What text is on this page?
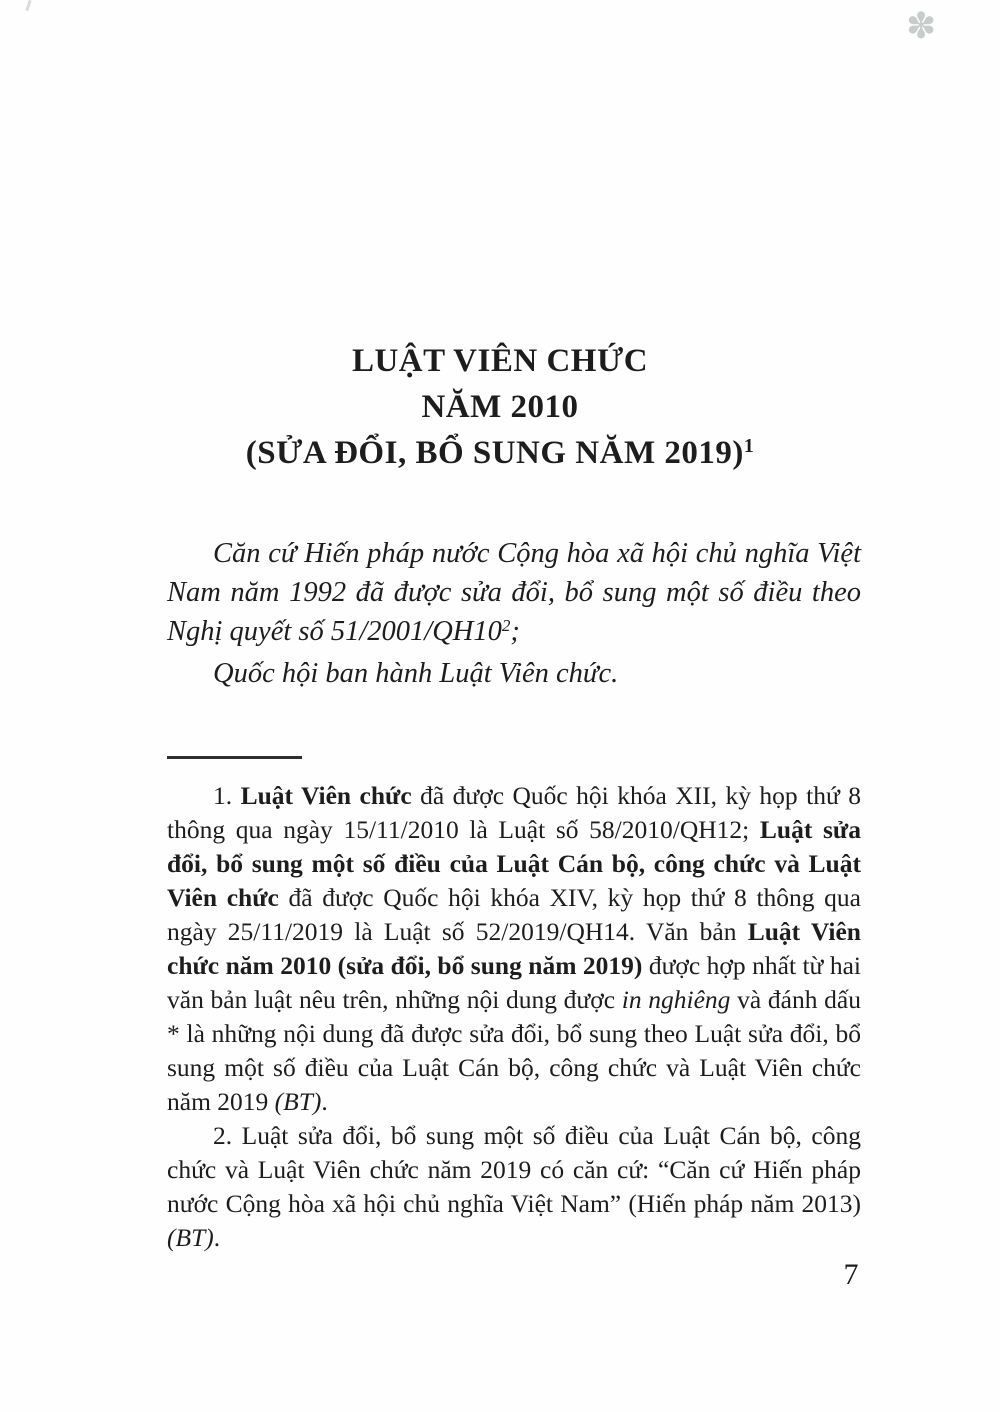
✽
LUẬT VIÊN CHỨC
NĂM 2010
(SỬA ĐỔI, BỔ SUNG NĂM 2019)$^1$

Căn cứ Hiến pháp nước Cộng hòa xã hội chủ nghĩa Việt Nam năm 1992 đã được sửa đổi, bổ sung một số điều theo Nghị quyết số $51/2001/QH10^2$;

Quốc hội ban hành Luật Viên chức.

1. Luật Viên chức đã được Quốc hội khóa XII, kỳ họp thứ 8 thông qua ngày 15/11/2010 là Luật số 58/2010/QH12; Luật sửa đổi, bổ sung một số điều của Luật Cán bộ, công chức và Luật Viên chức đã được Quốc hội khóa XIV, kỳ họp thứ 8 thông qua ngày 25/11/2019 là Luật số 52/2019/QH14. Văn bản Luật Viên chức năm 2010 (sửa đổi, bổ sung năm 2019) được hợp nhất từ hai văn bản luật nêu trên, những nội dung được in nghiêng và đánh dấu * là những nội dung đã được sửa đổi, bổ sung theo Luật sửa đổi, bổ sung một số điều của Luật Cán bộ, công chức và Luật Viên chức năm 2019 (BT).

2. Luật sửa đổi, bổ sung một số điều của Luật Cán bộ, công chức và Luật Viên chức năm 2019 có căn cứ: “Căn cứ Hiến pháp nước Cộng hòa xã hội chủ nghĩa Việt Nam” (Hiến pháp năm 2013) (BT).

7
